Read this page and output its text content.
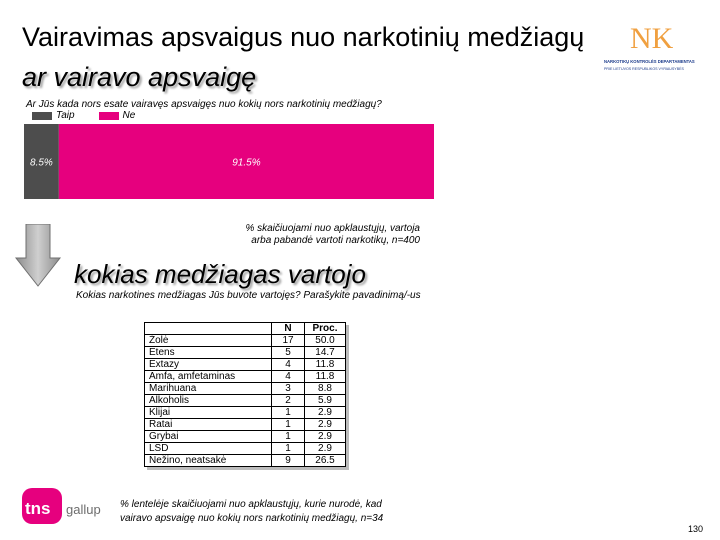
Vairavimas apsvaigus nuo narkotinių medžiagų
ar vairavo apsvaigę
NK
NARKOTIKŲ KONTROLĖS DEPARTAMENTAS
PRIE LIETUVOS RESPUBLIKOS VYRIAUSYBĖS
Ar Jūs kada nors esate vairavęs apsvaigęs nuo kokių nors narkotinių medžiagų?
Taip	Ne
8.5%	91.5%
% skaičiuojami nuo apklaustųjų, vartoja
arba pabandė vartoti narkotikų, n=400
kokias medžiagas vartojo
Kokias narkotines medžiagas Jūs buvote vartojęs? Parašykite pavadinimą/-us
	N	Proc.
Žolė	17	50.0
Etens	5	14.7
Extazy	4	11.8
Amfa, amfetaminas	4	11.8
Marihuana	3	8.8
Alkoholis	2	5.9
Klijai	1	2.9
Ratai	1	2.9
Grybai	1	2.9
LSD	1	2.9
Nežino, neatsakė	9	26.5
tns gallup % lentelėje skaičiuojami nuo apklaustųjų, kurie nurodė, kad
vairavo apsvaigę nuo kokių nors narkotinių medžiagų, n=34
130
